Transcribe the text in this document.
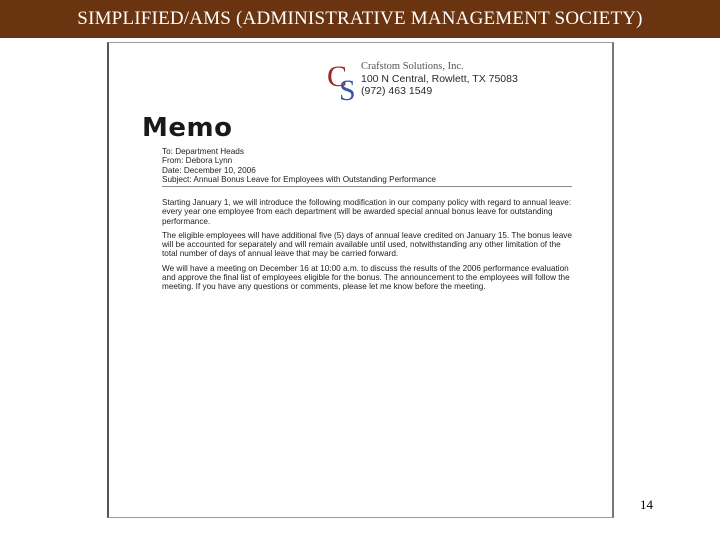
SIMPLIFIED/AMS (ADMINISTRATIVE MANAGEMENT SOCIETY)
C
S
Crafstom Solutions, Inc.
100 N Central, Rowlett, TX 75083
(972) 463 1549
Memo
To: Department Heads
From: Debora Lynn
Date: December 10, 2006
Subject: Annual Bonus Leave for Employees with Outstanding Performance

Starting January 1, we will introduce the following modification in our company policy with regard to annual leave: every year one employee from each department will be awarded special annual bonus leave for outstanding performance.

The eligible employees will have additional five (5) days of annual leave credited on January 15. The bonus leave will be accounted for separately and will remain available until used, notwithstanding any other limitation of the total number of days of annual leave that may be carried forward.

We will have a meeting on December 16 at 10:00 a.m. to discuss the results of the 2006 performance evaluation and approve the final list of employees eligible for the bonus. The announcement to the employees will follow the meeting. If you have any questions or comments, please let me know before the meeting.

14
